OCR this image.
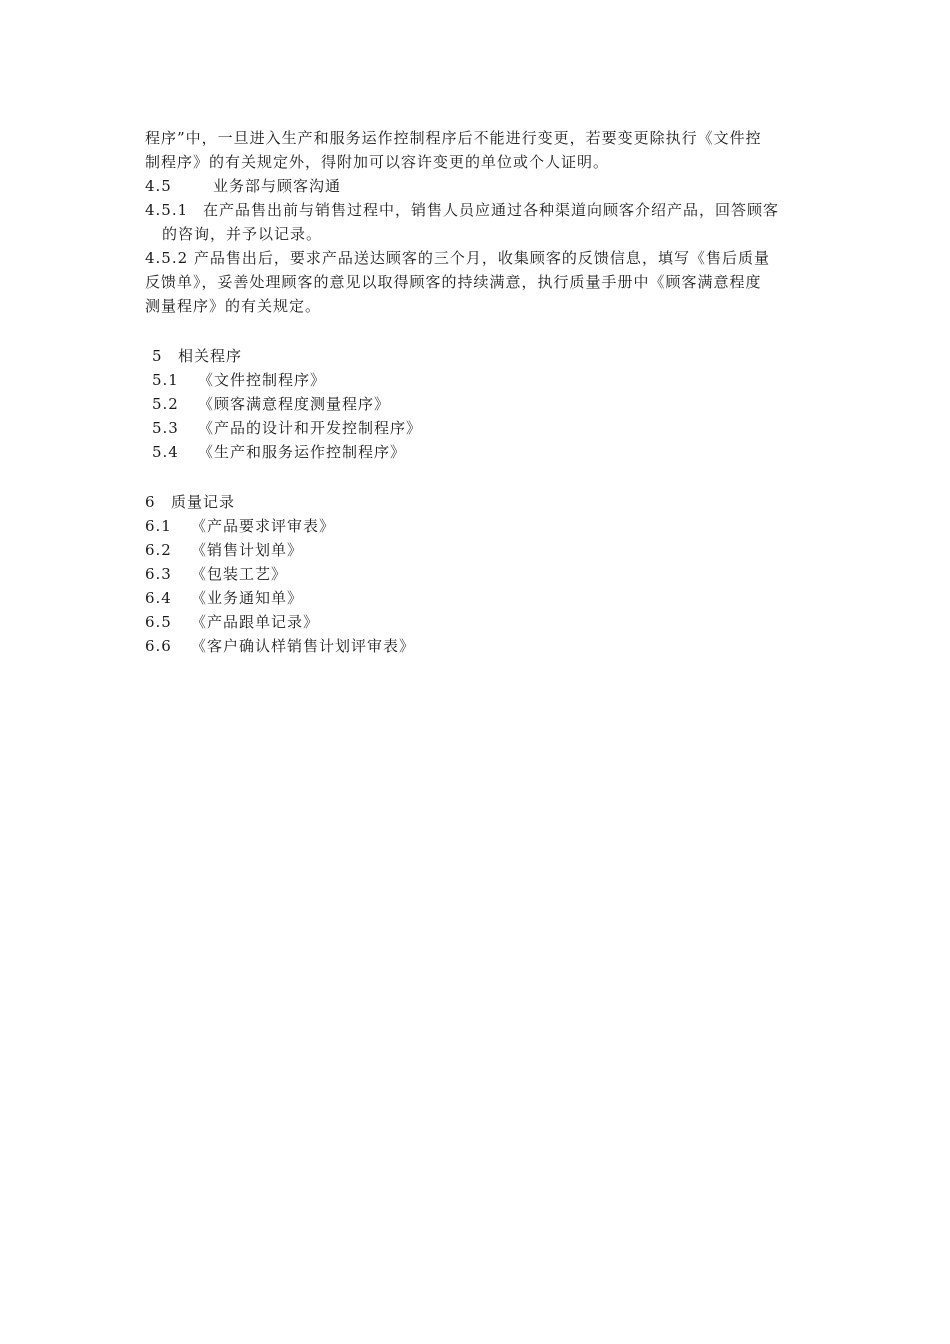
程序”中，一旦进入生产和服务运作控制程序后不能进行变更，若要变更除执行《文件控
制程序》的有关规定外，得附加可以容许变更的单位或个人证明。
4.5	业务部与顾客沟通
4.5.1 在产品售出前与销售过程中，销售人员应通过各种渠道向顾客介绍产品，回答顾客
的咨询，并予以记录。
4.5.2 产品售出后，要求产品送达顾客的三个月，收集顾客的反馈信息，填写《售后质量
反馈单》，妥善处理顾客的意见以取得顾客的持续满意，执行质量手册中《顾客满意程度
测量程序》的有关规定。
5 相关程序
5.1 《文件控制程序》
5.2 《顾客满意程度测量程序》
5.3 《产品的设计和开发控制程序》
5.4 《生产和服务运作控制程序》
6 质量记录
6.1 《产品要求评审表》
6.2 《销售计划单》
6.3 《包装工艺》
6.4 《业务通知单》
6.5 《产品跟单记录》
6.6 《客户确认样销售计划评审表》
